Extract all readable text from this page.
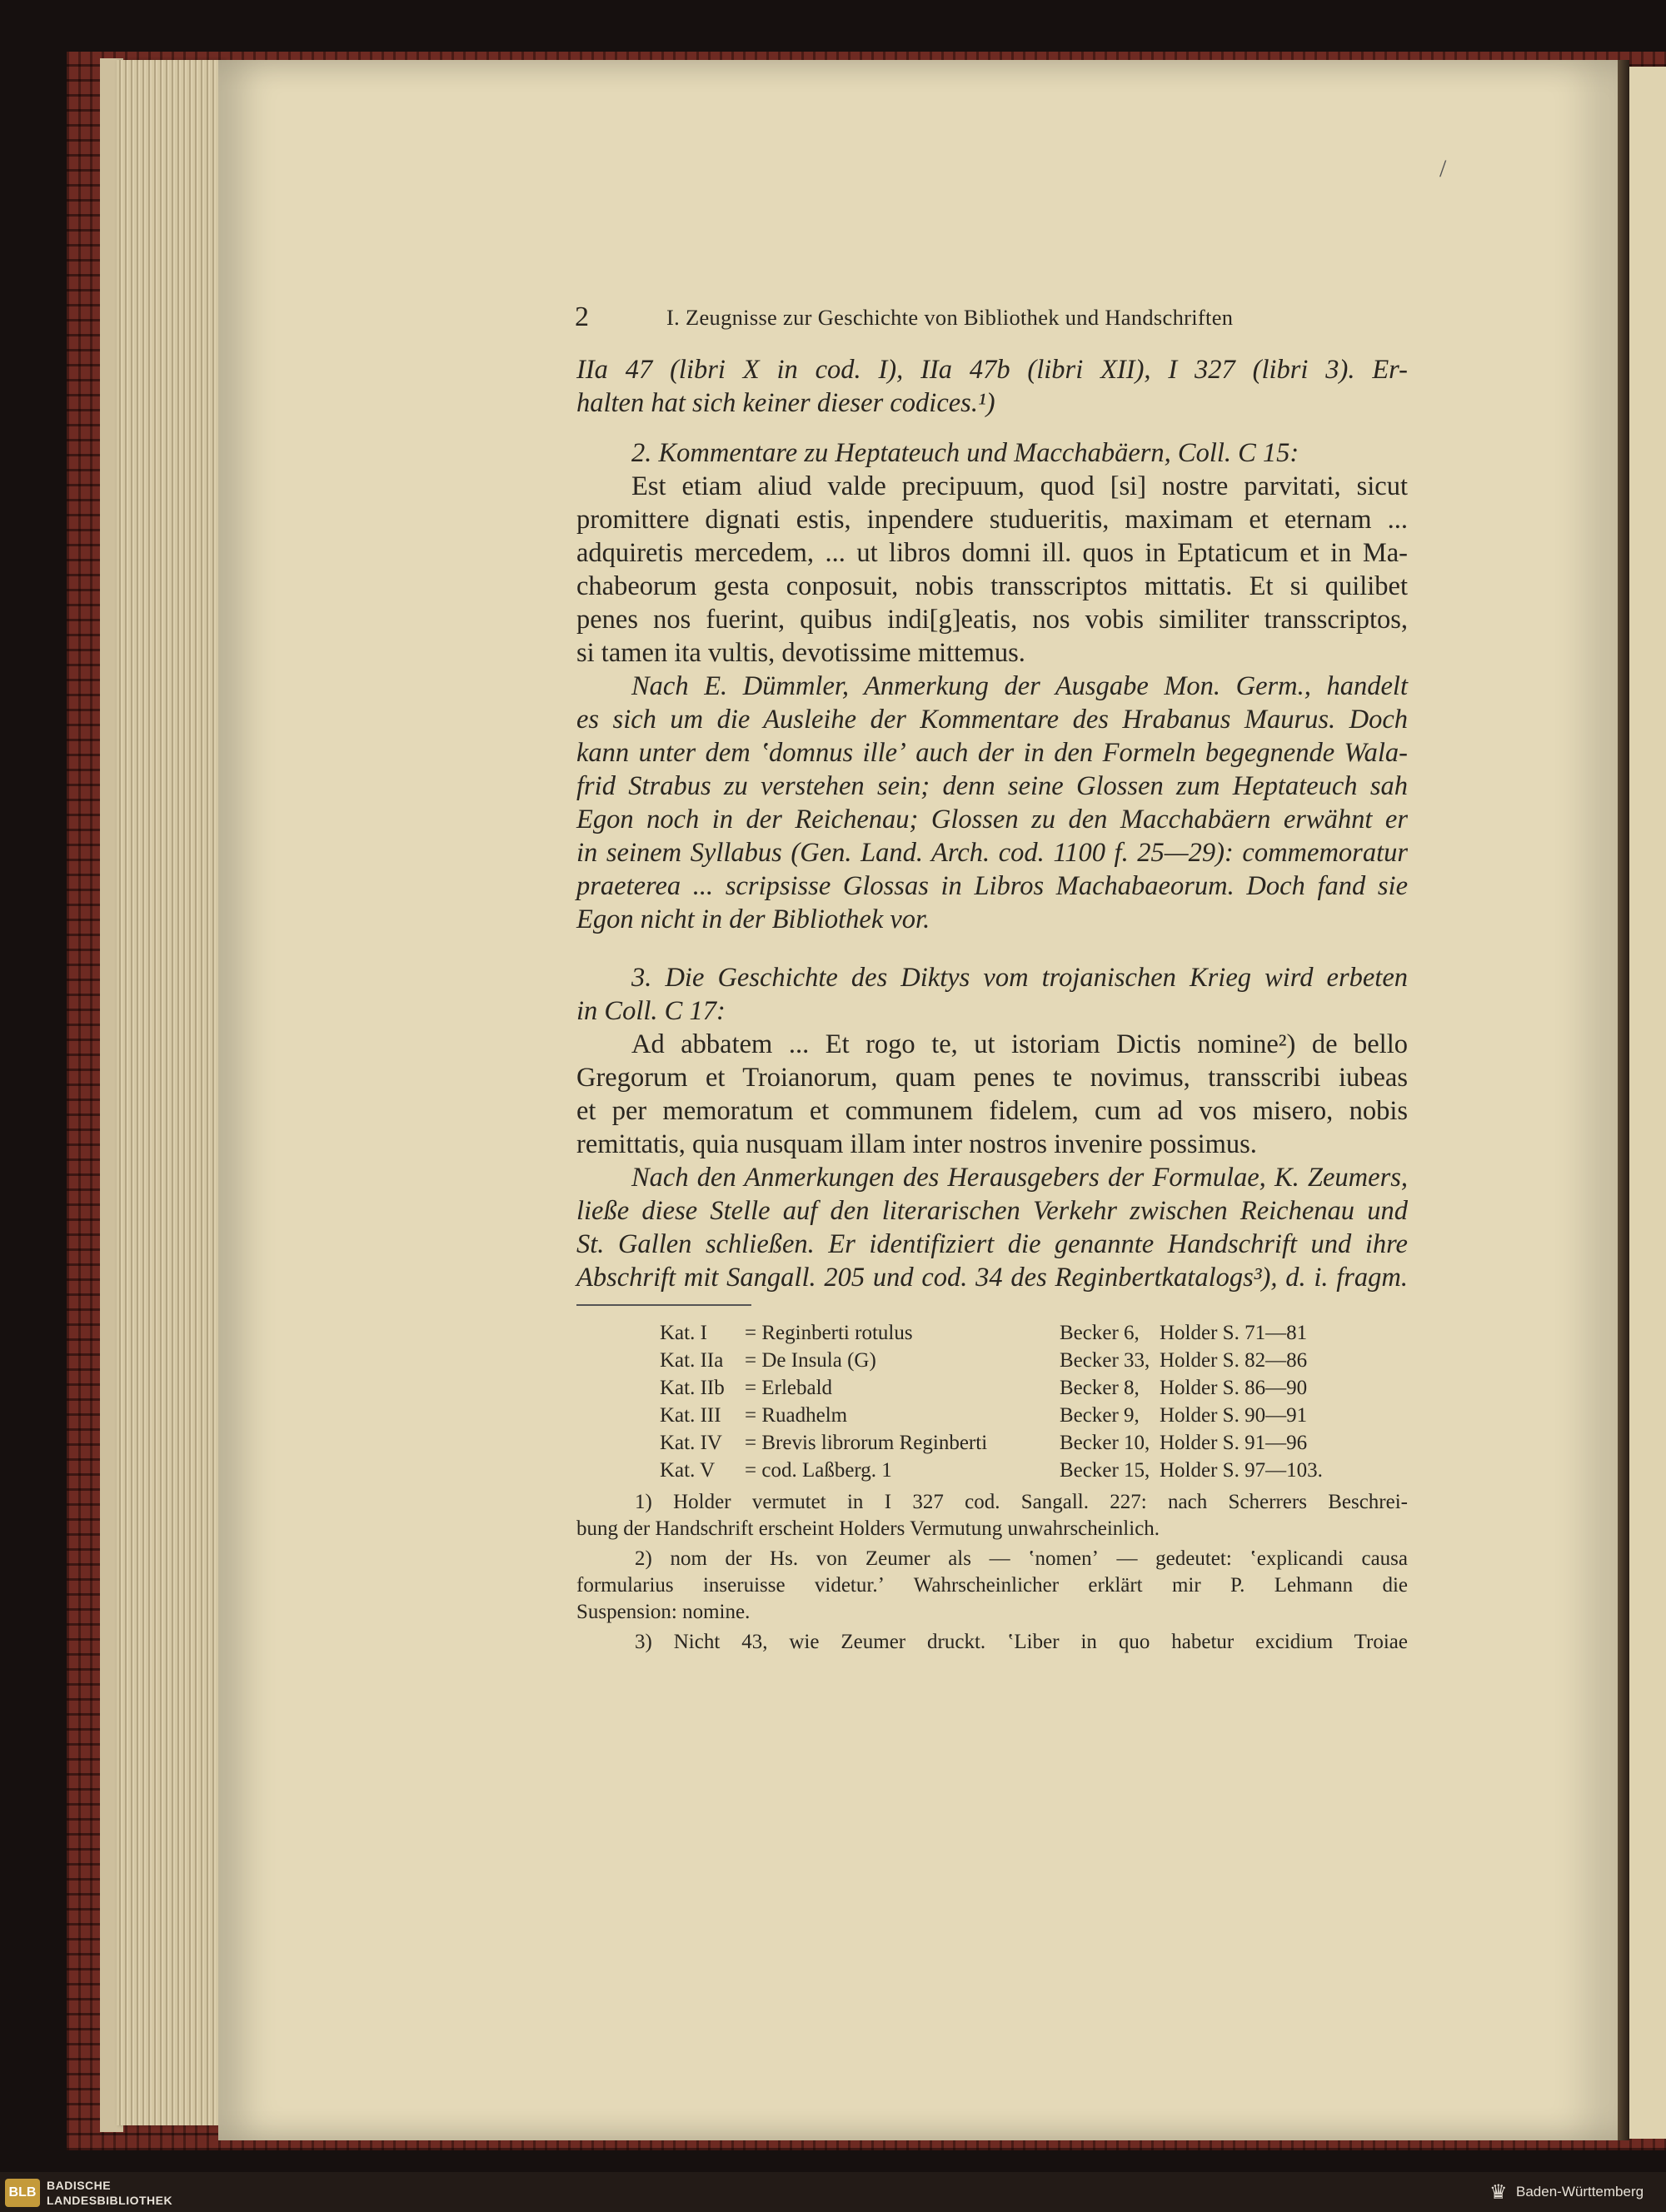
/
2	I. Zeugnisse zur Geschichte von Bibliothek und Handschriften
IIa 47 (libri X in cod. I), IIa 47b (libri XII), I 327 (libri 3). Er-
halten hat sich keiner dieser codices.¹)
2. Kommentare zu Heptateuch und Macchabäern, Coll. C 15:
Est etiam aliud valde precipuum, quod [si] nostre parvitati, sicut
promittere dignati estis, inpendere studueritis, maximam et eternam ...
adquiretis mercedem, ... ut libros domni ill. quos in Eptaticum et in Ma-
chabeorum gesta conposuit, nobis transscriptos mittatis. Et si quilibet
penes nos fuerint, quibus indi[g]eatis, nos vobis similiter transscriptos,
si tamen ita vultis, devotissime mittemus.
Nach E. Dümmler, Anmerkung der Ausgabe Mon. Germ., handelt
es sich um die Ausleihe der Kommentare des Hrabanus Maurus. Doch
kann unter dem ʽdomnus illeʼ auch der in den Formeln begegnende Wala-
frid Strabus zu verstehen sein; denn seine Glossen zum Heptateuch sah
Egon noch in der Reichenau; Glossen zu den Macchabäern erwähnt er
in seinem Syllabus (Gen. Land. Arch. cod. 1100 f. 25—29): commemoratur
praeterea ... scripsisse Glossas in Libros Machabaeorum. Doch fand sie
Egon nicht in der Bibliothek vor.
3. Die Geschichte des Diktys vom trojanischen Krieg wird erbeten
in Coll. C 17:
Ad abbatem ... Et rogo te, ut istoriam Dictis nomine²) de bello
Gregorum et Troianorum, quam penes te novimus, transscribi iubeas
et per memoratum et communem fidelem, cum ad vos misero, nobis
remittatis, quia nusquam illam inter nostros invenire possimus.
Nach den Anmerkungen des Herausgebers der Formulae, K. Zeumers,
ließe diese Stelle auf den literarischen Verkehr zwischen Reichenau und
St. Gallen schließen. Er identifiziert die genannte Handschrift und ihre
Abschrift mit Sangall. 205 und cod. 34 des Reginbertkatalogs³), d. i. fragm.
Kat. I = Reginberti rotulus	Becker 6, Holder S. 71—81
Kat. IIa = De Insula (G)	Becker 33, Holder S. 82—86
Kat. IIb = Erlebald	Becker 8, Holder S. 86—90
Kat. III = Ruadhelm	Becker 9, Holder S. 90—91
Kat. IV = Brevis librorum Reginberti	Becker 10, Holder S. 91—96
Kat. V = cod. Laßberg. 1	Becker 15, Holder S. 97—103.
1) Holder vermutet in I 327 cod. Sangall. 227: nach Scherrers Beschrei-
bung der Handschrift erscheint Holders Vermutung unwahrscheinlich.
2) nom der Hs. von Zeumer als — ʽnomenʼ — gedeutet: ʽexplicandi causa
formularius inseruisse videtur.ʼ Wahrscheinlicher erklärt mir P. Lehmann die
Suspension: nomine.
3) Nicht 43, wie Zeumer druckt. ʽLiber in quo habetur excidium Troiae
BLB BADISCHE
LANDESBIBLIOTHEK	♛ Baden-Württemberg
